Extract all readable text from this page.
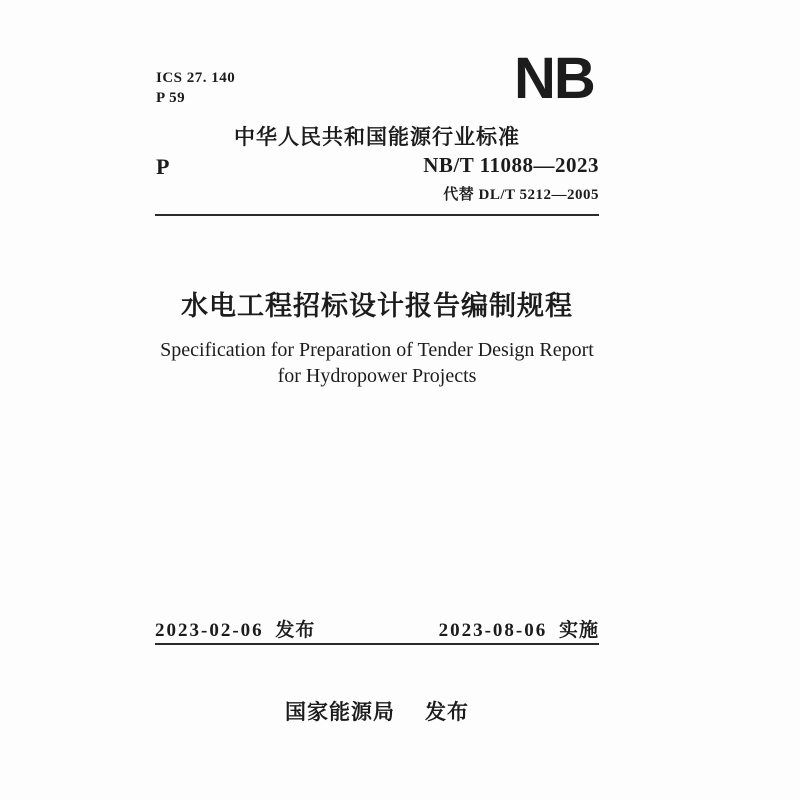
ICS 27. 140
P 59	NB
中华人民共和国能源行业标准
P	NB/T 11088—2023
代替 DL/T 5212—2005
水电工程招标设计报告编制规程
Specification for Preparation of Tender Design Report
for Hydropower Projects
2023-02-06 发布	2023-08-06 实施
国家能源局 发布
